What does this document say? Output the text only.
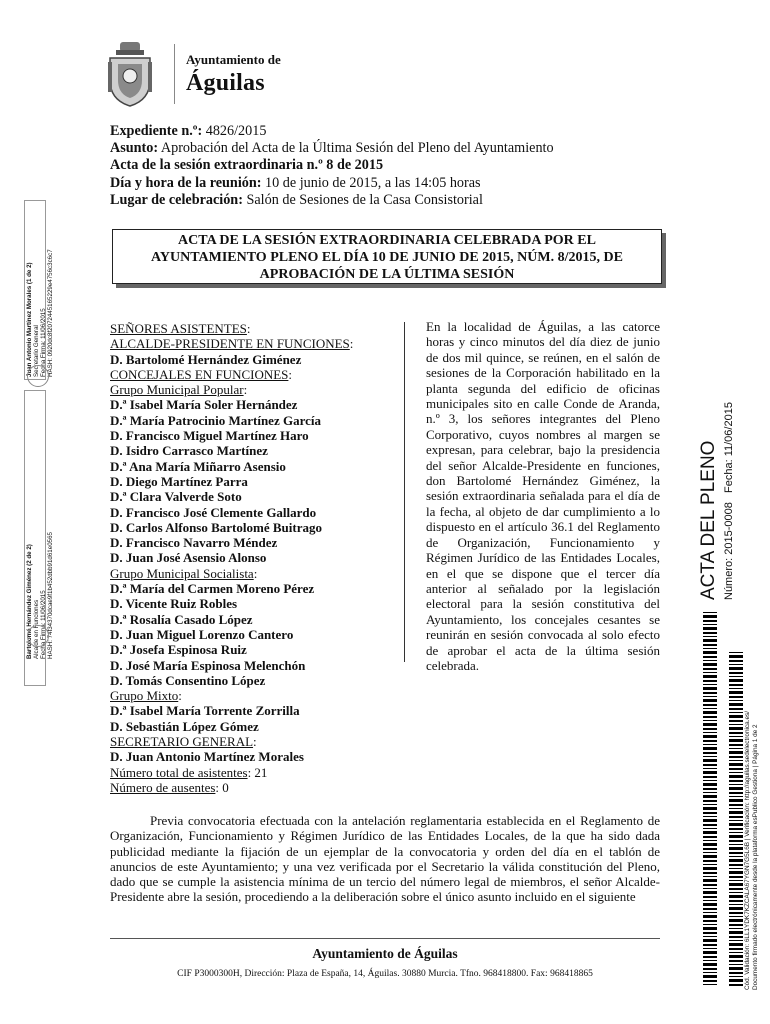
Ayuntamiento de
Águilas
Expediente n.º: 4826/2015
Asunto: Aprobación del Acta de la Última Sesión del Pleno del Ayuntamiento
Acta de la sesión extraordinaria n.º 8 de 2015
Día y hora de la reunión: 10 de junio de 2015, a las 14:05 horas
Lugar de celebración: Salón de Sesiones de la Casa Consistorial
ACTA DE LA SESIÓN EXTRAORDINARIA CELEBRADA POR EL
AYUNTAMIENTO PLENO EL DÍA 10 DE JUNIO DE 2015, NÚM. 8/2015, DE
APROBACIÓN DE LA ÚLTIMA SESIÓN
SEÑORES ASISTENTES:
ALCALDE-PRESIDENTE EN FUNCIONES:
D. Bartolomé Hernández Giménez
CONCEJALES EN FUNCIONES:
Grupo Municipal Popular:
D.ª Isabel María Soler Hernández
D.ª María Patrocinio Martínez García
D. Francisco Miguel Martínez Haro
D. Isidro Carrasco Martínez
D.ª Ana María Miñarro Asensio
D. Diego Martínez Parra
D.ª Clara Valverde Soto
D. Francisco José Clemente Gallardo
D. Carlos Alfonso Bartolomé Buitrago
D. Francisco Navarro Méndez
D. Juan José Asensio Alonso
Grupo Municipal Socialista:
D.ª María del Carmen Moreno Pérez
D. Vicente Ruiz Robles
D.ª Rosalía Casado López
D. Juan Miguel Lorenzo Cantero
D.ª Josefa Espinosa Ruiz
D. José María Espinosa Melenchón
D. Tomás Consentino López
Grupo Mixto:
D.ª Isabel María Torrente Zorrilla
D. Sebastián López Gómez
SECRETARIO GENERAL:
D. Juan Antonio Martínez Morales
Número total de asistentes: 21
Número de ausentes: 0
En la localidad de Águilas, a las catorce horas y cinco minutos del día diez de junio de dos mil quince, se reúnen, en el salón de sesiones de la Corporación habilitado en la planta segunda del edificio de oficinas municipales sito en calle Conde de Aranda, n.º 3, los señores integrantes del Pleno Corporativo, cuyos nombres al margen se expresan, para celebrar, bajo la presidencia del señor Alcalde-Presidente en funciones, don Bartolomé Hernández Giménez, la sesión extraordinaria señalada para el día de la fecha, al objeto de dar cumplimiento a lo dispuesto en el artículo 36.1 del Reglamento de Organización, Funcionamiento y Régimen Jurídico de las Entidades Locales, en el que se dispone que el tercer día anterior al señalado por la legislación electoral para la sesión constitutiva del Ayuntamiento, los concejales cesantes se reunirán en sesión convocada al solo efecto de aprobar el acta de la última sesión celebrada.
Previa convocatoria efectuada con la antelación reglamentaria establecida en el Reglamento de Organización, Funcionamiento y Régimen Jurídico de las Entidades Locales, de la que ha sido dada publicidad mediante la fijación de un ejemplar de la convocatoria y orden del día en el tablón de anuncios de este Ayuntamiento; y una vez verificada por el Secretario la válida constitución del Pleno, dado que se cumple la asistencia mínima de un tercio del número legal de miembros, el señor Alcalde-Presidente abre la sesión, procediendo a la deliberación sobre el único asunto incluido en el siguiente
Ayuntamiento de Águilas
CIF P3000300H, Dirección: Plaza de España, 14, Águilas. 30880 Murcia. Tfno. 968418800. Fax: 968418865
Juan Antonio Martínez Morales (1 de 2) Secretario General Fecha Firma: 11/06/2015 HASH: 0920dc8f2072445165229e4756c3c6c7
Bartolomé Hernández Giménez (2 de 2) Alcalde en Funciones Fecha Firma: 11/06/2015 HASH: 74f34370dcae9f1b452dbb91d61e0565	ACTA DEL PLENO Número: 2015-0008   Fecha: 11/06/2015
Cód. Validación: 6LL1YDK7KZCALA67YGN7G5L6B | Verificación: http://aguilas.sedelectronica.es/ Documento firmado electrónicamente desde la plataforma esPublico Gestiona | Página 1 de 2
